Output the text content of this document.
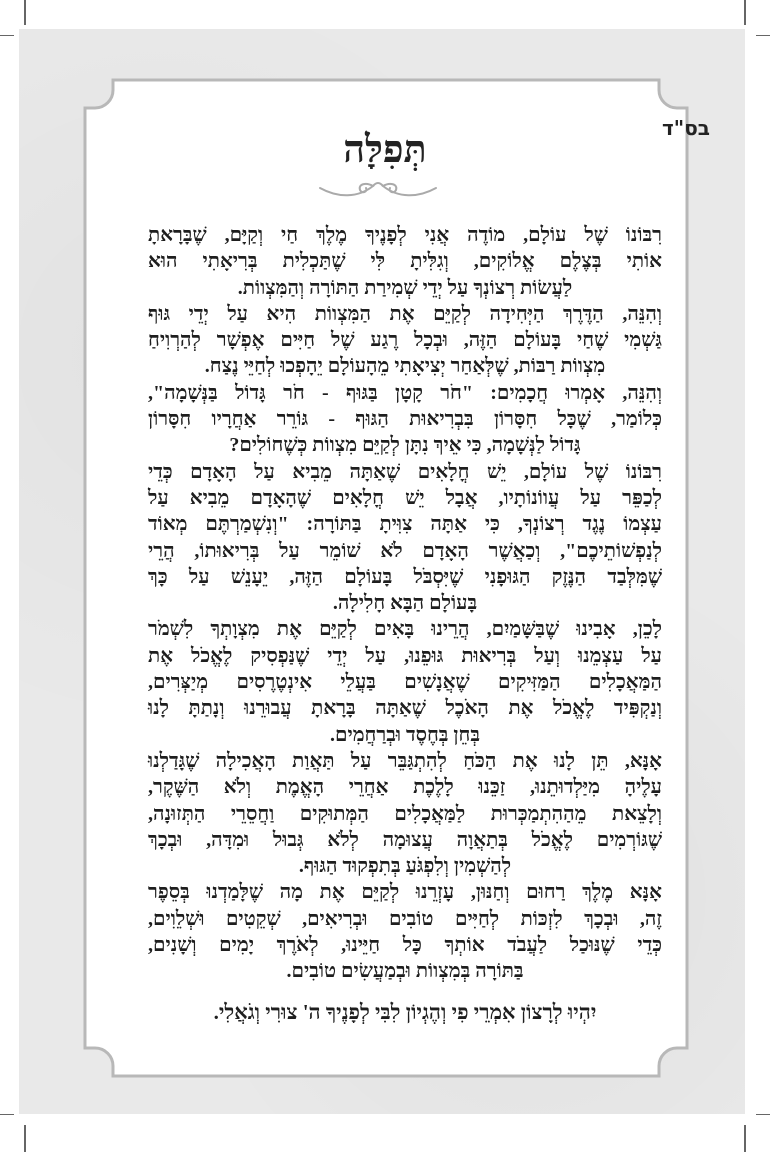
בס"ד
תְּפִלָּה
רִבּוֹנוֹ שֶׁל עוֹלָם, מוֹדֶה אֲנִי לְפָנֶיךָ מֶלֶךְ חַי וְקַיָּם, שֶׁבָּרָאתָ
אוֹתִי בְּצֶלֶם אֱלוֹקִים, וְגִלִּיתָ לִּי שֶׁתַּכְלִית בְּרִיאָתִי הוּא
לַעֲשׂוֹת רְצוֹנְךָ עַל יְדֵי שְׁמִירַת הַתּוֹרָה וְהַמִּצְווֹת.
וְהִנֵּה, הַדֶּרֶךְ הַיְּחִידָה לְקַיֵּם אֶת הַמִּצְווֹת הִיא עַל יְדֵי גּוּף
גַּשְׁמִי שֶׁחַי בָּעוֹלָם הַזֶּה, וּבְכָל רֶגַע שֶׁל חַיִּים אֶפְשָׁר לְהַרְוִיחַ
מִצְווֹת רַבּוֹת, שֶׁלְּאַחַר יְצִיאָתִי מֵהָעוֹלָם יֵהָפְכוּ לְחַיֵּי נֶצַח.
וְהִנֵּה, אָמְרוּ חֲכָמִים: "חֹר קָטָן בַּגּוּף - חֹר גָּדוֹל בַּנְּשָׁמָה",
כְּלוֹמַר, שֶׁכָּל חִסָּרוֹן בִּבְרִיאוּת הַגּוּף - גּוֹרֵר אַחֲרָיו חִסָּרוֹן
גָּדוֹל לַנְּשָׁמָה, כִּי אֵיךְ נִתָּן לְקַיֵּם מִצְווֹת כְּשֶׁחוֹלִים?
רִבּוֹנוֹ שֶׁל עוֹלָם, יֵשׁ חֳלָאִים שֶׁאַתָּה מֵבִיא עַל הָאָדָם כְּדֵי
לְכַפֵּר עַל עֲווֹנוֹתָיו, אֲבָל יֵשׁ חֳלָאִים שֶׁהָאָדָם מֵבִיא עַל
עַצְמוֹ נֶגֶד רְצוֹנְךָ, כִּי אַתָּה צִוִּיתָ בַּתּוֹרָה: "וְנִשְׁמַרְתֶּם מְאוֹד
לְנַפְשׁוֹתֵיכֶם", וְכַאֲשֶׁר הָאָדָם לֹא שׁוֹמֵר עַל בְּרִיאוּתוֹ, הֲרֵי
שֶׁמִּלְּבַד הַנֶּזֶק הַגּוּפָנִי שֶׁיִּסְבֹּל בָּעוֹלָם הַזֶּה, יֵעָנֵשׁ עַל כָּךְ
בָּעוֹלָם הַבָּא חָלִילָה.
לָכֵן, אָבִינוּ שֶׁבַּשָּׁמַיִם, הֲרֵינוּ בָּאִים לְקַיֵּם אֶת מִצְוָתְךָ לִשְׁמֹר
עַל עַצְמֵנוּ וְעַל בְּרִיאוּת גּוּפֵנוּ, עַל יְדֵי שֶׁנַּפְסִיק לֶאֱכֹל אֶת
הַמַּאֲכָלִים הַמַּזִּיקִים שֶׁאֲנָשִׁים בַּעֲלֵי אִינְטֶרֶסִים מְיַצְּרִים,
וְנַקְפִּיד לֶאֱכֹל אֶת הָאֹכֶל שֶׁאַתָּה בָּרָאתָ עֲבוּרֵנוּ וְנָתַתָּ לָנוּ
בְּחֵן בְּחֶסֶד וּבְרַחֲמִים.
אָנָּא, תֵּן לָנוּ אֶת הַכֹּחַ לְהִתְגַּבֵּר עַל תַּאֲוַת הָאֲכִילָה שֶׁגָּדַלְנוּ
עָלֶיהָ מִיַּלְדוּתֵנוּ, זַכֵּנוּ לָלֶכֶת אַחֲרֵי הָאֱמֶת וְלֹא הַשֶּׁקֶר,
וְלָצֵאת מֵהַהִתְמַכְּרוּת לַמַּאֲכָלִים הַמְּתוּקִים וַחֲסֵרֵי הַתְּזוּנָה,
שֶׁגּוֹרְמִים לֶאֱכֹל בְּתַאֲוָה עֲצוּמָה לְלֹא גְּבוּל וּמִדָּה, וּבְכָךְ
לְהַשְׁמִין וְלִפְגֹּעַ בְּתִפְקוּד הַגּוּף.
אָנָּא מֶלֶךְ רַחוּם וְחַנּוּן, עָזְרֵנוּ לְקַיֵּם אֶת מָה שֶׁלָּמַדְנוּ בְּסֵפֶר
זֶה, וּבְכָךְ לִזְכּוֹת לְחַיִּים טוֹבִים וּבְרִיאִים, שְׁקֵטִים וּשְׁלֵוִים,
כְּדֵי שֶׁנּוּכַל לַעֲבֹד אוֹתְךָ כָּל חַיֵּינוּ, לְאֹרֶךְ יָמִים וְשָׁנִים,
בַּתּוֹרָה בְּמִצְווֹת וּבְמַעֲשִׂים טוֹבִים.
יִהְיוּ לְרָצוֹן אִמְרֵי פִי וְהֶגְיוֹן לִבִּי לְפָנֶיךָ ה' צוּרִי וְגֹאֲלִי.
